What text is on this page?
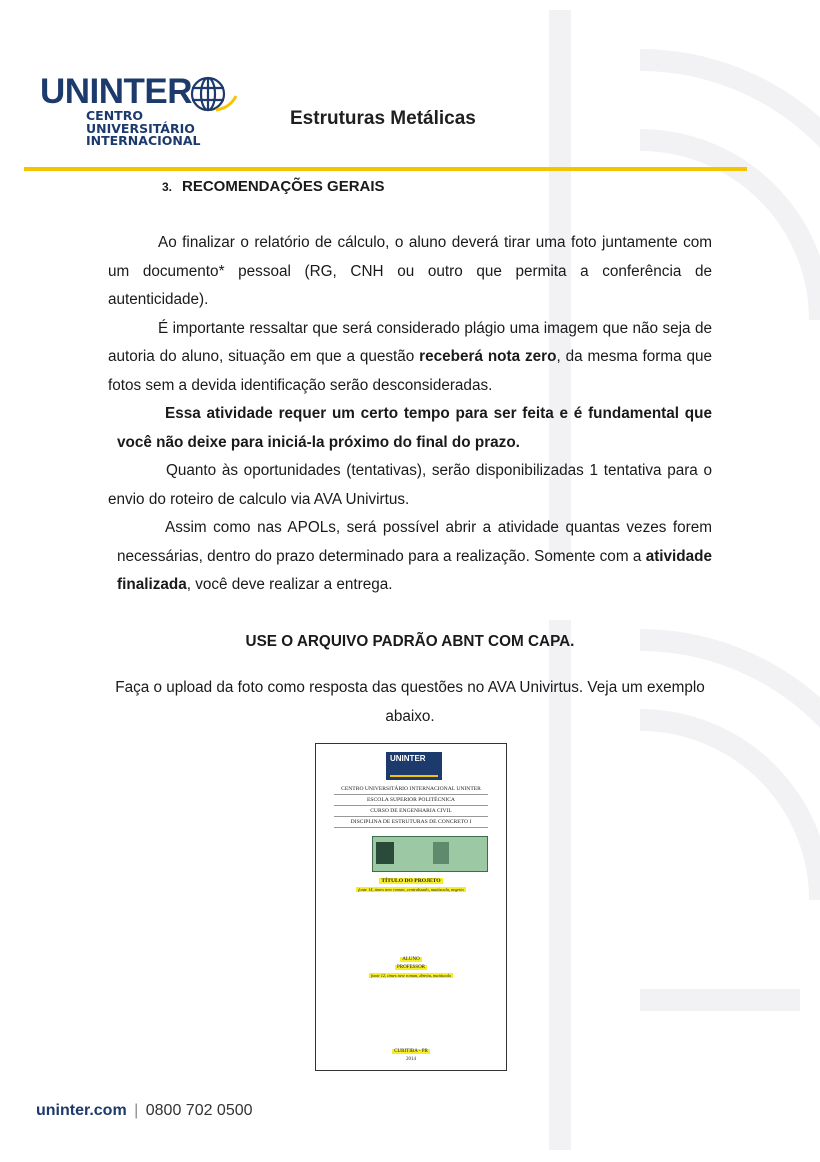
UNINTER
CENTRO
UNIVERSITÁRIO
INTERNACIONAL
Estruturas Metálicas
3. RECOMENDAÇÕES GERAIS

Ao finalizar o relatório de cálculo, o aluno deverá tirar uma foto juntamente com um documento* pessoal (RG, CNH ou outro que permita a conferência de autenticidade).

É importante ressaltar que será considerado plágio uma imagem que não seja de autoria do aluno, situação em que a questão receberá nota zero, da mesma forma que fotos sem a devida identificação serão desconsideradas.

Essa atividade requer um certo tempo para ser feita e é fundamental que você não deixe para iniciá-la próximo do final do prazo.

Quanto às oportunidades (tentativas), serão disponibilizadas 1 tentativa para o envio do roteiro de calculo via AVA Univirtus.

Assim como nas APOLs, será possível abrir a atividade quantas vezes forem necessárias, dentro do prazo determinado para a realização. Somente com a atividade finalizada, você deve realizar a entrega.

USE O ARQUIVO PADRÃO ABNT COM CAPA.

Faça o upload da foto como resposta das questões no AVA Univirtus. Veja um exemplo abaixo.

UNINTER
CENTRO UNIVERSITÁRIO INTERNACIONAL UNINTER
ESCOLA SUPERIOR POLITÉCNICA
CURSO DE ENGENHARIA CIVIL
DISCIPLINA DE ESTRUTURAS DE CONCRETO I
TÍTULO DO PROJETO
fonte 14, times new roman, centralizado, maiúscula, negrito
ALUNO
PROFESSOR
fonte 12, times new roman, direita, maiúsculo
CURITIBA - PR
2014
uninter.com | 0800 702 0500
